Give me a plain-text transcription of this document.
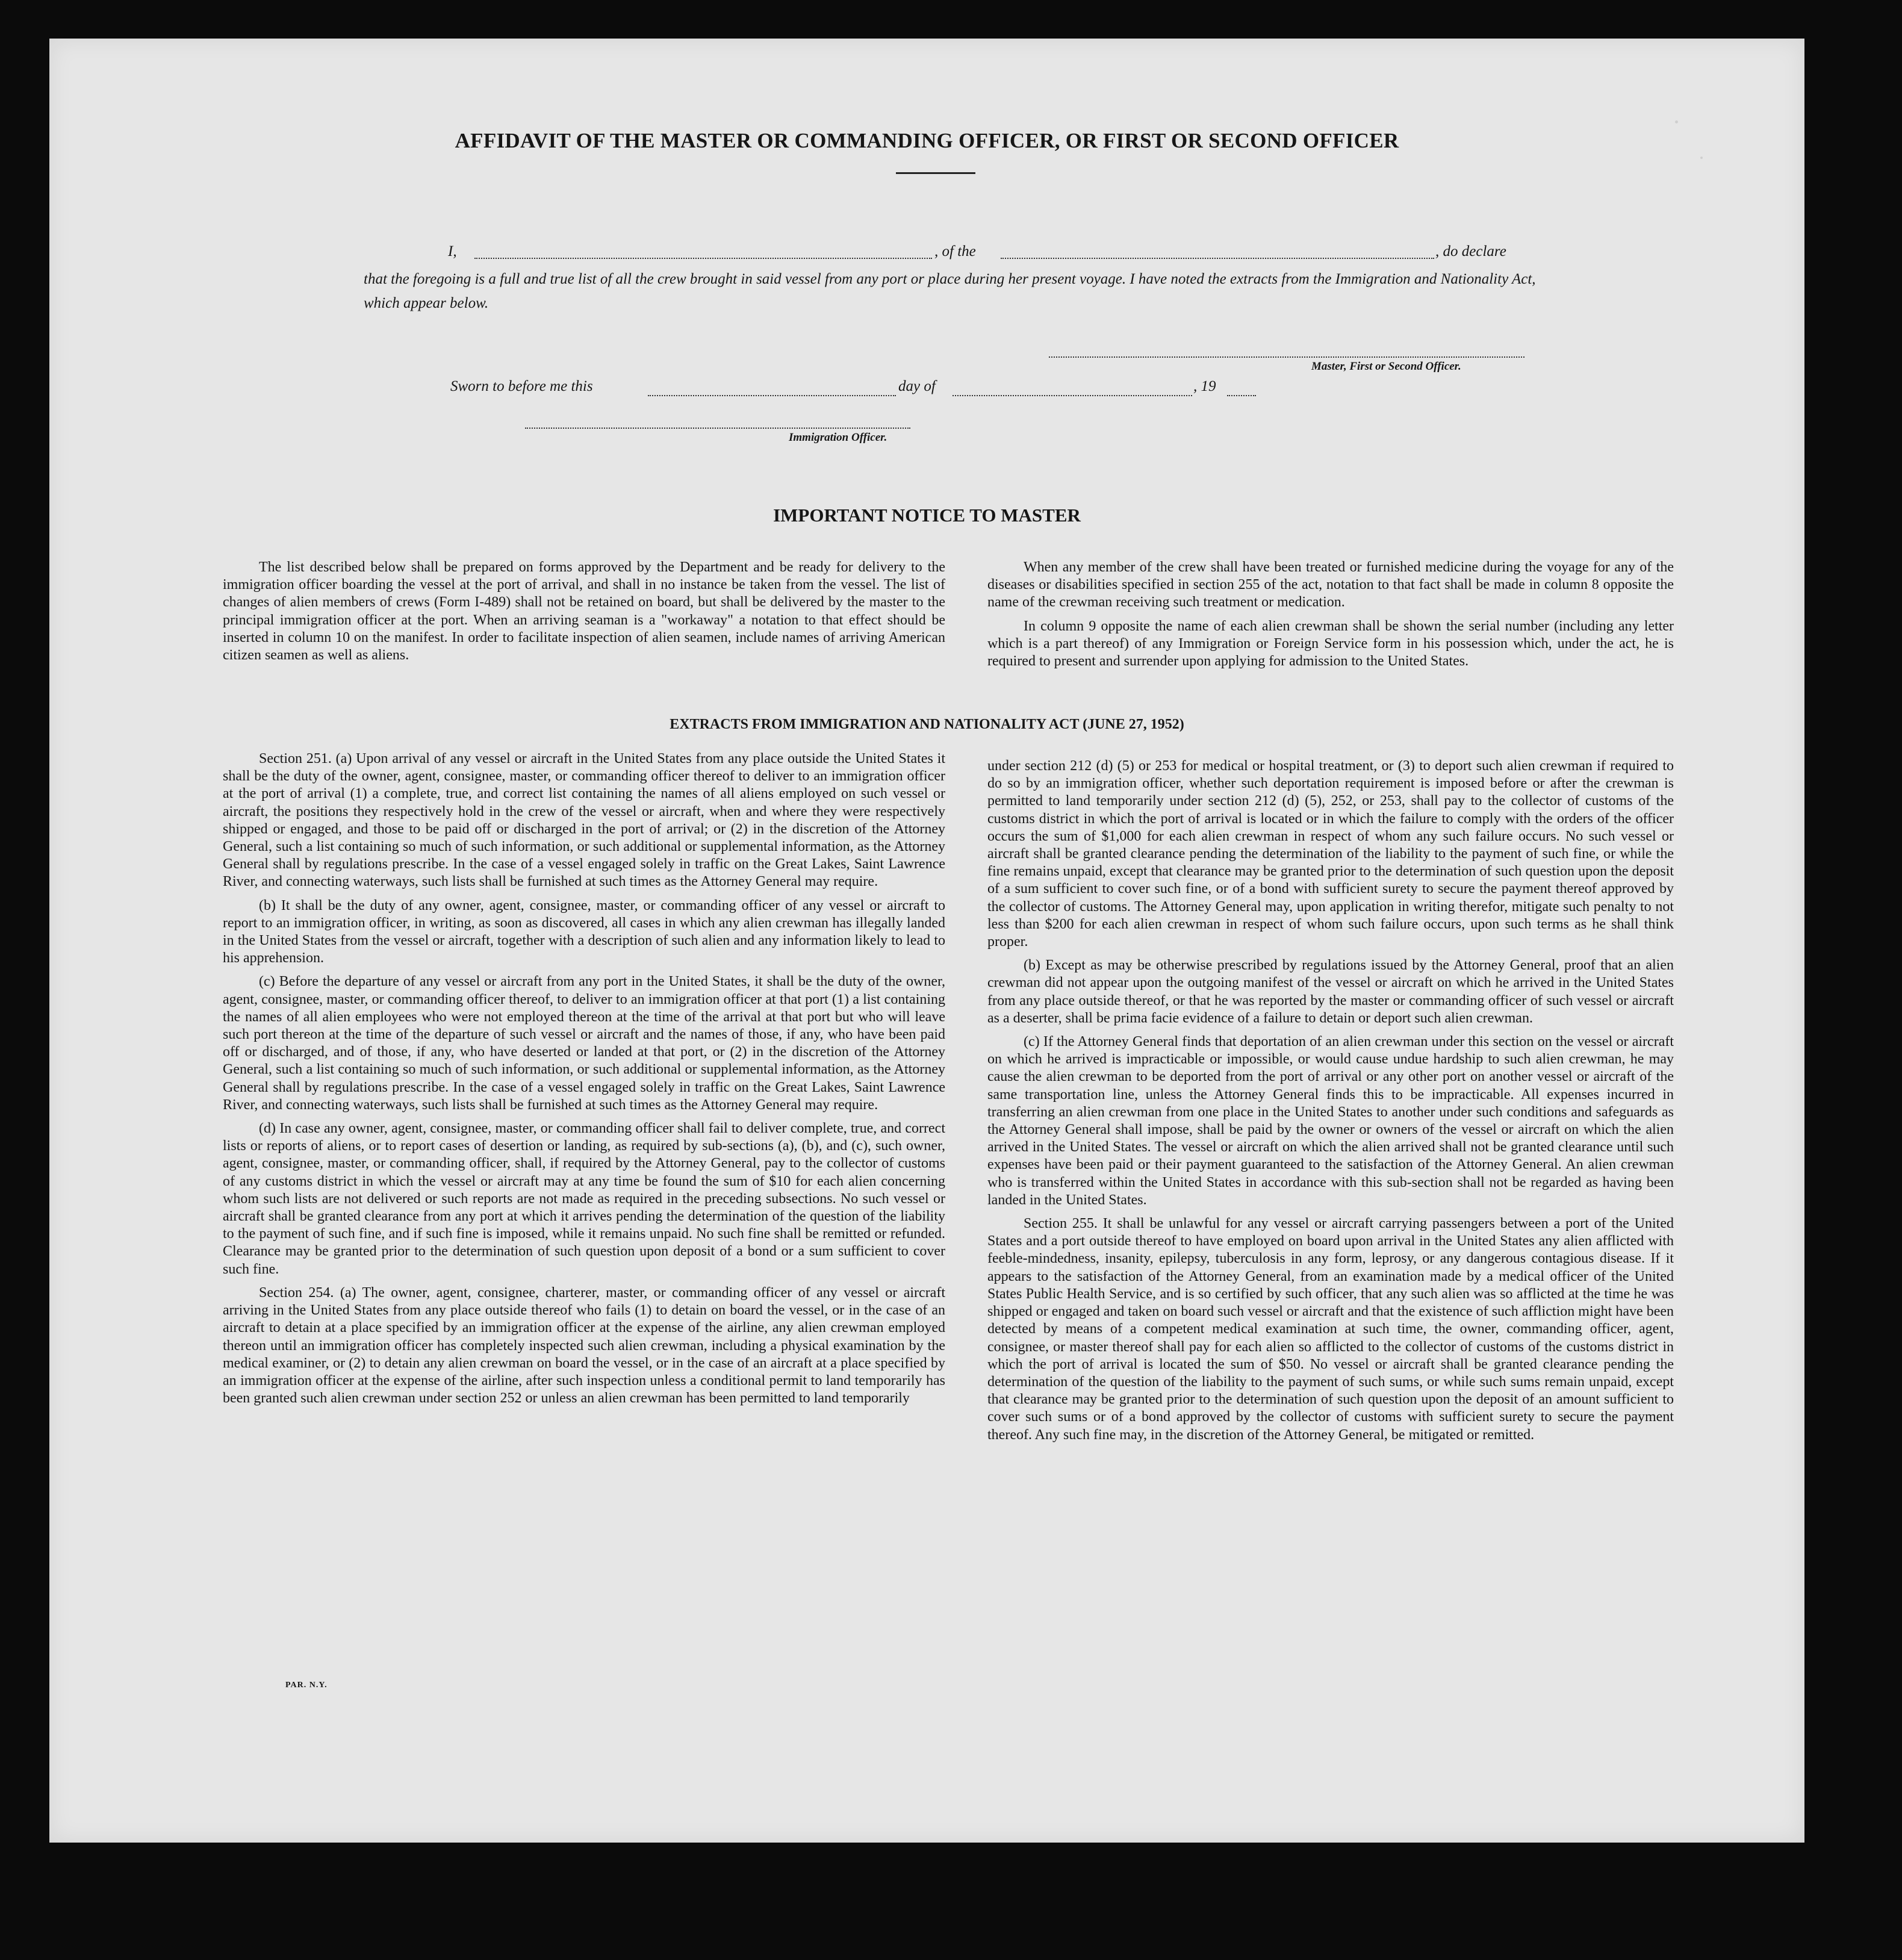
AFFIDAVIT OF THE MASTER OR COMMANDING OFFICER, OR FIRST OR SECOND OFFICER
I,	, of the	, do declare

that the foregoing is a full and true list of all the crew brought in said vessel from any port or place during her present voyage. I have noted the extracts from the Immigration and Nationality Act, which appear below.

Master, First or Second Officer.
Sworn to before me this	day of	, 19
Immigration Officer.
IMPORTANT NOTICE TO MASTER

The list described below shall be prepared on forms approved by the Department and be ready for delivery to the immigration officer boarding the vessel at the port of arrival, and shall in no instance be taken from the vessel. The list of changes of alien members of crews (Form I-489) shall not be retained on board, but shall be delivered by the master to the principal immigration officer at the port. When an arriving seaman is a "workaway" a notation to that effect should be inserted in column 10 on the manifest. In order to facilitate inspection of alien seamen, include names of arriving American citizen seamen as well as aliens.

When any member of the crew shall have been treated or furnished medicine during the voyage for any of the diseases or disabilities specified in section 255 of the act, notation to that fact shall be made in column 8 opposite the name of the crewman receiving such treatment or medication.

In column 9 opposite the name of each alien crewman shall be shown the serial number (including any letter which is a part thereof) of any Immigration or Foreign Service form in his possession which, under the act, he is required to present and surrender upon applying for admission to the United States.

EXTRACTS FROM IMMIGRATION AND NATIONALITY ACT (JUNE 27, 1952)

Section 251. (a) Upon arrival of any vessel or aircraft in the United States from any place outside the United States it shall be the duty of the owner, agent, consignee, master, or commanding officer thereof to deliver to an immigration officer at the port of arrival (1) a complete, true, and correct list containing the names of all aliens employed on such vessel or aircraft, the positions they respectively hold in the crew of the vessel or aircraft, when and where they were respectively shipped or engaged, and those to be paid off or discharged in the port of arrival; or (2) in the discretion of the Attorney General, such a list containing so much of such information, or such additional or supplemental information, as the Attorney General shall by regulations prescribe. In the case of a vessel engaged solely in traffic on the Great Lakes, Saint Lawrence River, and connecting waterways, such lists shall be furnished at such times as the Attorney General may require.

(b) It shall be the duty of any owner, agent, consignee, master, or commanding officer of any vessel or aircraft to report to an immigration officer, in writing, as soon as discovered, all cases in which any alien crewman has illegally landed in the United States from the vessel or aircraft, together with a description of such alien and any information likely to lead to his apprehension.

(c) Before the departure of any vessel or aircraft from any port in the United States, it shall be the duty of the owner, agent, consignee, master, or commanding officer thereof, to deliver to an immigration officer at that port (1) a list containing the names of all alien employees who were not employed thereon at the time of the arrival at that port but who will leave such port thereon at the time of the departure of such vessel or aircraft and the names of those, if any, who have been paid off or discharged, and of those, if any, who have deserted or landed at that port, or (2) in the discretion of the Attorney General, such a list containing so much of such information, or such additional or supplemental information, as the Attorney General shall by regulations prescribe. In the case of a vessel engaged solely in traffic on the Great Lakes, Saint Lawrence River, and connecting waterways, such lists shall be furnished at such times as the Attorney General may require.

(d) In case any owner, agent, consignee, master, or commanding officer shall fail to deliver complete, true, and correct lists or reports of aliens, or to report cases of desertion or landing, as required by sub-sections (a), (b), and (c), such owner, agent, consignee, master, or commanding officer, shall, if required by the Attorney General, pay to the collector of customs of any customs district in which the vessel or aircraft may at any time be found the sum of $10 for each alien concerning whom such lists are not delivered or such reports are not made as required in the preceding subsections. No such vessel or aircraft shall be granted clearance from any port at which it arrives pending the determination of the question of the liability to the payment of such fine, and if such fine is imposed, while it remains unpaid. No such fine shall be remitted or refunded. Clearance may be granted prior to the determination of such question upon deposit of a bond or a sum sufficient to cover such fine.

Section 254. (a) The owner, agent, consignee, charterer, master, or commanding officer of any vessel or aircraft arriving in the United States from any place outside thereof who fails (1) to detain on board the vessel, or in the case of an aircraft to detain at a place specified by an immigration officer at the expense of the airline, any alien crewman employed thereon until an immigration officer has completely inspected such alien crewman, including a physical examination by the medical examiner, or (2) to detain any alien crewman on board the vessel, or in the case of an aircraft at a place specified by an immigration officer at the expense of the airline, after such inspection unless a conditional permit to land temporarily has been granted such alien crewman under section 252 or unless an alien crewman has been permitted to land temporarily

under section 212 (d) (5) or 253 for medical or hospital treatment, or (3) to deport such alien crewman if required to do so by an immigration officer, whether such deportation requirement is imposed before or after the crewman is permitted to land temporarily under section 212 (d) (5), 252, or 253, shall pay to the collector of customs of the customs district in which the port of arrival is located or in which the failure to comply with the orders of the officer occurs the sum of $1,000 for each alien crewman in respect of whom any such failure occurs. No such vessel or aircraft shall be granted clearance pending the determination of the liability to the payment of such fine, or while the fine remains unpaid, except that clearance may be granted prior to the determination of such question upon the deposit of a sum sufficient to cover such fine, or of a bond with sufficient surety to secure the payment thereof approved by the collector of customs. The Attorney General may, upon application in writing therefor, mitigate such penalty to not less than $200 for each alien crewman in respect of whom such failure occurs, upon such terms as he shall think proper.

(b) Except as may be otherwise prescribed by regulations issued by the Attorney General, proof that an alien crewman did not appear upon the outgoing manifest of the vessel or aircraft on which he arrived in the United States from any place outside thereof, or that he was reported by the master or commanding officer of such vessel or aircraft as a deserter, shall be prima facie evidence of a failure to detain or deport such alien crewman.

(c) If the Attorney General finds that deportation of an alien crewman under this section on the vessel or aircraft on which he arrived is impracticable or impossible, or would cause undue hardship to such alien crewman, he may cause the alien crewman to be deported from the port of arrival or any other port on another vessel or aircraft of the same transportation line, unless the Attorney General finds this to be impracticable. All expenses incurred in transferring an alien crewman from one place in the United States to another under such conditions and safeguards as the Attorney General shall impose, shall be paid by the owner or owners of the vessel or aircraft on which the alien arrived in the United States. The vessel or aircraft on which the alien arrived shall not be granted clearance until such expenses have been paid or their payment guaranteed to the satisfaction of the Attorney General. An alien crewman who is transferred within the United States in accordance with this sub-section shall not be regarded as having been landed in the United States.

Section 255. It shall be unlawful for any vessel or aircraft carrying passengers between a port of the United States and a port outside thereof to have employed on board upon arrival in the United States any alien afflicted with feeble-mindedness, insanity, epilepsy, tuberculosis in any form, leprosy, or any dangerous contagious disease. If it appears to the satisfaction of the Attorney General, from an examination made by a medical officer of the United States Public Health Service, and is so certified by such officer, that any such alien was so afflicted at the time he was shipped or engaged and taken on board such vessel or aircraft and that the existence of such affliction might have been detected by means of a competent medical examination at such time, the owner, commanding officer, agent, consignee, or master thereof shall pay for each alien so afflicted to the collector of customs of the customs district in which the port of arrival is located the sum of $50. No vessel or aircraft shall be granted clearance pending the determination of the question of the liability to the payment of such sums, or while such sums remain unpaid, except that clearance may be granted prior to the determination of such question upon the deposit of an amount sufficient to cover such sums or of a bond approved by the collector of customs with sufficient surety to secure the payment thereof. Any such fine may, in the discretion of the Attorney General, be mitigated or remitted.

PAR. N.Y.
